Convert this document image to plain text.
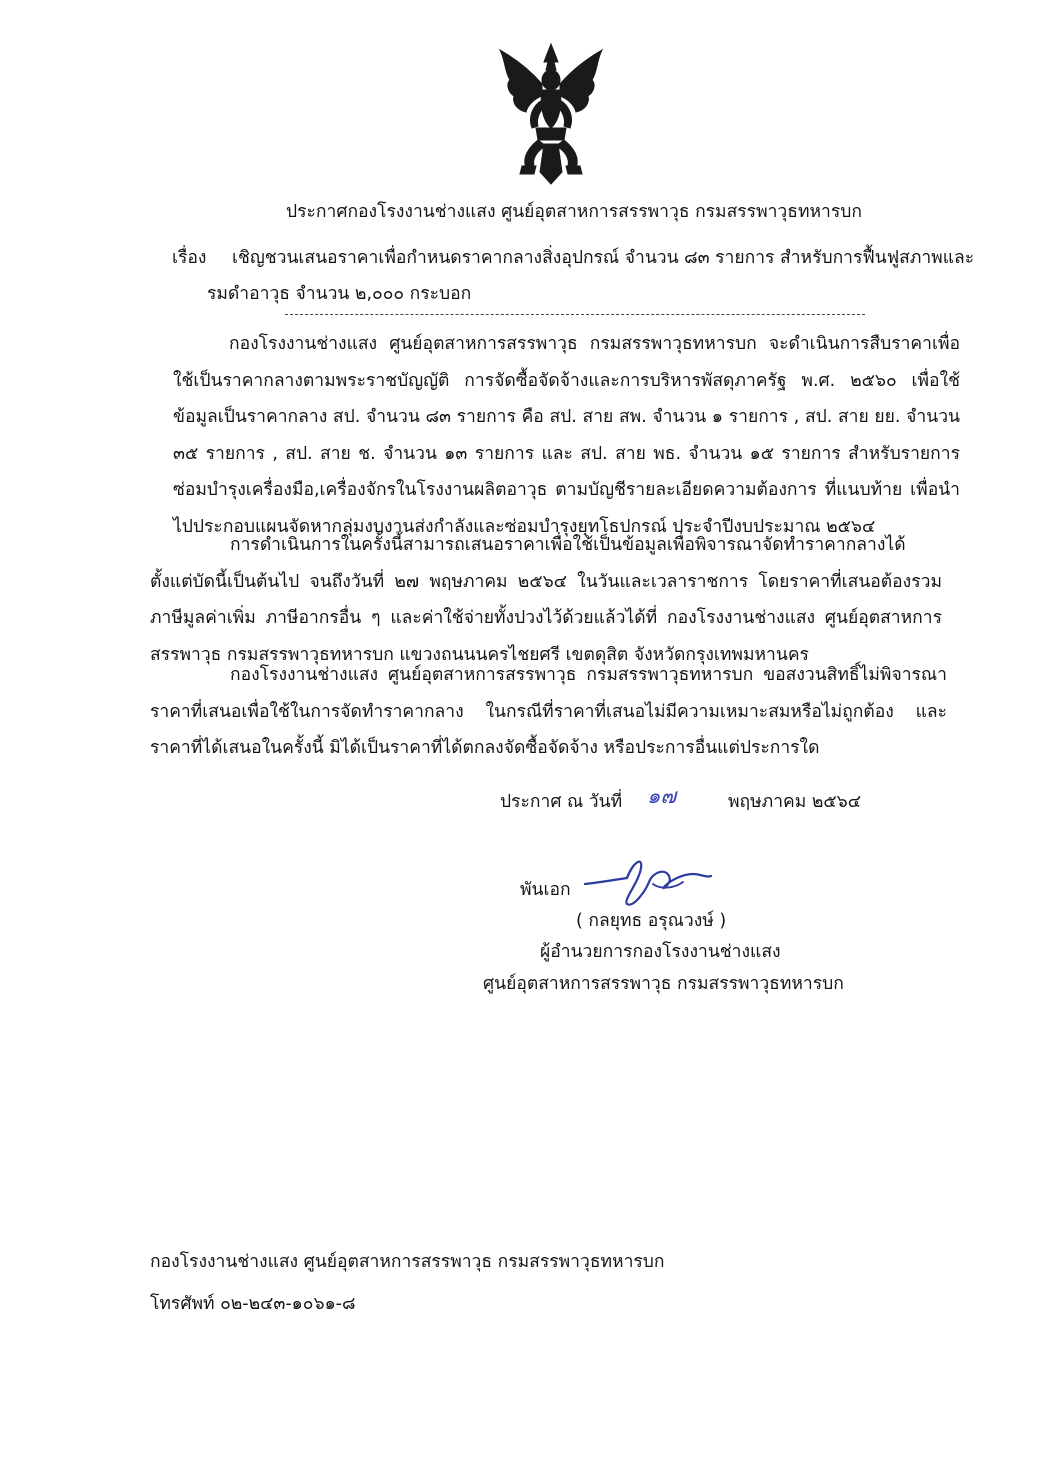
ประกาศกองโรงงานช่างแสง ศูนย์อุตสาหการสรรพาวุธ กรมสรรพาวุธทหารบก
เรื่อง เชิญชวนเสนอราคาเพื่อกำหนดราคากลางสิ่งอุปกรณ์ จำนวน ๘๓ รายการ สำหรับการฟื้นฟูสภาพและ
รมดำอาวุธ จำนวน ๒,๐๐๐ กระบอก
กองโรงงานช่างแสง ศูนย์อุตสาหการสรรพาวุธ กรมสรรพาวุธทหารบก จะดำเนินการสืบราคาเพื่อใช้เป็นราคากลางตามพระราชบัญญัติ การจัดซื้อจัดจ้างและการบริหารพัสดุภาครัฐ พ.ศ. ๒๕๖๐ เพื่อใช้ข้อมูลเป็นราคากลาง สป. จำนวน ๘๓ รายการ คือ สป. สาย สพ. จำนวน ๑ รายการ , สป. สาย ยย. จำนวน ๓๕ รายการ , สป. สาย ช. จำนวน ๑๓ รายการ และ สป. สาย พธ. จำนวน ๑๕ รายการ สำหรับรายการซ่อมบำรุงเครื่องมือ,เครื่องจักรในโรงงานผลิตอาวุธ ตามบัญชีรายละเอียดความต้องการ ที่แนบท้าย เพื่อนำไปประกอบแผนจัดหากลุ่มงบงานส่งกำลังและซ่อมบำรุงยุทโธปกรณ์ ประจำปีงบประมาณ ๒๕๖๔
การดำเนินการในครั้งนี้สามารถเสนอราคาเพื่อใช้เป็นข้อมูลเพื่อพิจารณาจัดทำราคากลางได้ตั้งแต่บัดนี้เป็นต้นไป จนถึงวันที่ ๒๗ พฤษภาคม ๒๕๖๔ ในวันและเวลาราชการ โดยราคาที่เสนอต้องรวมภาษีมูลค่าเพิ่ม ภาษีอากรอื่น ๆ และค่าใช้จ่ายทั้งปวงไว้ด้วยแล้วได้ที่ กองโรงงานช่างแสง ศูนย์อุตสาหการสรรพาวุธ กรมสรรพาวุธทหารบก แขวงถนนนครไชยศรี เขตดุสิต จังหวัดกรุงเทพมหานคร
กองโรงงานช่างแสง ศูนย์อุตสาหการสรรพาวุธ กรมสรรพาวุธทหารบก ขอสงวนสิทธิ์ไม่พิจารณาราคาที่เสนอเพื่อใช้ในการจัดทำราคากลาง ในกรณีที่ราคาที่เสนอไม่มีความเหมาะสมหรือไม่ถูกต้อง และราคาที่ได้เสนอในครั้งนี้ มิได้เป็นราคาที่ได้ตกลงจัดซื้อจัดจ้าง หรือประการอื่นแต่ประการใด
ประกาศ ณ วันที่ ๑๗	พฤษภาคม ๒๕๖๔
พันเอก
( กลยุทธ อรุณวงษ์ )
ผู้อำนวยการกองโรงงานช่างแสง
ศูนย์อุตสาหการสรรพาวุธ กรมสรรพาวุธทหารบก
กองโรงงานช่างแสง ศูนย์อุตสาหการสรรพาวุธ กรมสรรพาวุธทหารบก
โทรศัพท์ ๐๒-๒๔๓-๑๐๖๑-๘
